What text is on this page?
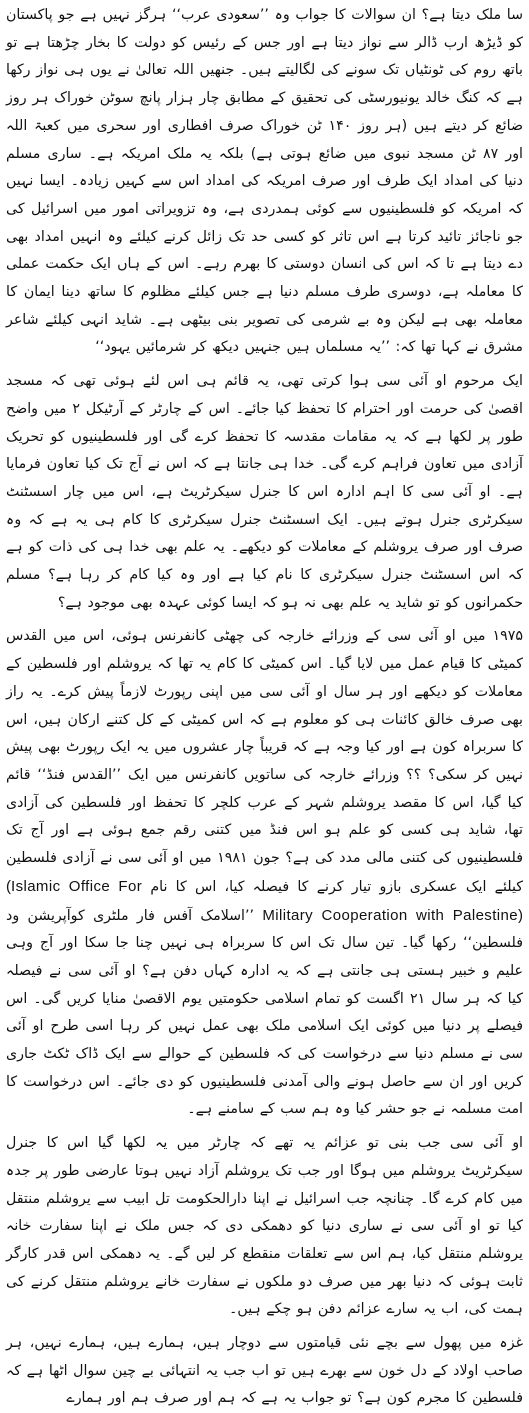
سا ملک دیتا ہے؟ ان سوالات کا جواب وہ ’’سعودی عرب‘‘ ہرگز نہیں ہے جو پاکستان کو ڈیڑھ ارب ڈالر سے نواز دیتا ہے اور جس کے رئیس کو دولت کا بخار چڑھتا ہے تو باتھ روم کی ٹونٹیاں تک سونے کی لگالیتے ہیں۔ جنھیں اللہ تعالیٰ نے یوں ہی نواز رکھا ہے کہ کنگ خالد یونیورسٹی کی تحقیق کے مطابق چار ہزار پانچ سوٹن خوراک ہر روز ضائع کر دیتے ہیں (ہر روز ۱۴۰ ٹن خوراک صرف افطاری اور سحری میں کعبۃ اللہ اور ۸۷ ٹن مسجد نبوی میں ضائع ہوتی ہے) بلکہ یہ ملک امریکہ ہے۔ ساری مسلم دنیا کی امداد ایک طرف اور صرف امریکہ کی امداد اس سے کہیں زیادہ۔ ایسا نہیں کہ امریکہ کو فلسطینیوں سے کوئی ہمدردی ہے، وہ تزویراتی امور میں اسرائیل کی جو ناجائز تائید کرتا ہے اس تاثر کو کسی حد تک زائل کرنے کیلئے وہ انہیں امداد بھی دے دیتا ہے تا کہ اس کی انسان دوستی کا بھرم رہے۔ اس کے ہاں ایک حکمت عملی کا معاملہ ہے، دوسری طرف مسلم دنیا ہے جس کیلئے مظلوم کا ساتھ دینا ایمان کا معاملہ بھی ہے لیکن وہ بے شرمی کی تصویر بنی بیٹھی ہے۔ شاید انہی کیلئے شاعر مشرق نے کہا تھا کہ: ’’یہ مسلماں ہیں جنہیں دیکھ کر شرمائیں یہود‘‘

ایک مرحوم او آئی سی ہوا کرتی تھی، یہ قائم ہی اس لئے ہوئی تھی کہ مسجد اقصیٰ کی حرمت اور احترام کا تحفظ کیا جائے۔ اس کے چارٹر کے آرٹیکل ۲ میں واضح طور پر لکھا ہے کہ یہ مقامات مقدسہ کا تحفظ کرے گی اور فلسطینیوں کو تحریک آزادی میں تعاون فراہم کرے گی۔ خدا ہی جانتا ہے کہ اس نے آج تک کیا تعاون فرمایا ہے۔ او آئی سی کا اہم ادارہ اس کا جنرل سیکرٹریٹ ہے، اس میں چار اسسٹنٹ سیکرٹری جنرل ہوتے ہیں۔ ایک اسسٹنٹ جنرل سیکرٹری کا کام ہی یہ ہے کہ وہ صرف اور صرف یروشلم کے معاملات کو دیکھے۔ یہ علم بھی خدا ہی کی ذات کو ہے کہ اس اسسٹنٹ جنرل سیکرٹری کا نام کیا ہے اور وہ کیا کام کر رہا ہے؟ مسلم حکمرانوں کو تو شاید یہ علم بھی نہ ہو کہ ایسا کوئی عہدہ بھی موجود ہے؟

۱۹۷۵ میں او آئی سی کے وزرائے خارجہ کی چھٹی کانفرنس ہوئی، اس میں القدس کمیٹی کا قیام عمل میں لایا گیا۔ اس کمیٹی کا کام یہ تھا کہ یروشلم اور فلسطین کے معاملات کو دیکھے اور ہر سال او آئی سی میں اپنی رپورٹ لازماً پیش کرے۔ یہ راز بھی صرف خالق کائنات ہی کو معلوم ہے کہ اس کمیٹی کے کل کتنے ارکان ہیں، اس کا سربراہ کون ہے اور کیا وجہ ہے کہ قریباً چار عشروں میں یہ ایک رپورٹ بھی پیش نہیں کر سکی؟ ؟؟ وزرائے خارجہ کی ساتویں کانفرنس میں ایک ’’القدس فنڈ‘‘ قائم کیا گیا، اس کا مقصد یروشلم شہر کے عرب کلچر کا تحفظ اور فلسطین کی آزادی تھا، شاید ہی کسی کو علم ہو اس فنڈ میں کتنی رقم جمع ہوئی ہے اور آج تک فلسطینیوں کی کتنی مالی مدد کی ہے؟ جون ۱۹۸۱ میں او آئی سی نے آزادی فلسطین کیلئے ایک عسکری بازو تیار کرنے کا فیصلہ کیا، اس کا نام (Islamic Office For Military Cooperation with Palestine) ’’اسلامک آفس فار ملٹری کوآپریشن ود فلسطین‘‘ رکھا گیا۔ تین سال تک اس کا سربراہ ہی نہیں چنا جا سکا اور آج وہی علیم و خبیر ہستی ہی جانتی ہے کہ یہ ادارہ کہاں دفن ہے؟ او آئی سی نے فیصلہ کیا کہ ہر سال ۲۱ اگست کو تمام اسلامی حکومتیں یوم الاقصیٰ منایا کریں گی۔ اس فیصلے پر دنیا میں کوئی ایک اسلامی ملک بھی عمل نہیں کر رہا اسی طرح او آئی سی نے مسلم دنیا سے درخواست کی کہ فلسطین کے حوالے سے ایک ڈاک ٹکٹ جاری کریں اور ان سے حاصل ہونے والی آمدنی فلسطینیوں کو دی جائے۔ اس درخواست کا امت مسلمہ نے جو حشر کیا وہ ہم سب کے سامنے ہے۔

او آئی سی جب بنی تو عزائم یہ تھے کہ چارٹر میں یہ لکھا گیا اس کا جنرل سیکرٹریٹ یروشلم میں ہوگا اور جب تک یروشلم آزاد نہیں ہوتا عارضی طور پر جدہ میں کام کرے گا۔ چنانچہ جب اسرائیل نے اپنا دارالحکومت تل ابیب سے یروشلم منتقل کیا تو او آئی سی نے ساری دنیا کو دھمکی دی کہ جس ملک نے اپنا سفارت خانہ یروشلم منتقل کیا، ہم اس سے تعلقات منقطع کر لیں گے۔ یہ دھمکی اس قدر کارگر ثابت ہوئی کہ دنیا بھر میں صرف دو ملکوں نے سفارت خانے یروشلم منتقل کرنے کی ہمت کی، اب یہ سارے عزائم دفن ہو چکے ہیں۔

غزہ میں پھول سے بچے نئی قیامتوں سے دوچار ہیں، ہمارے ہیں، ہمارے نہیں، ہر صاحب اولاد کے دل خون سے بھرے ہیں تو اب جب یہ انتہائی بے چین سوال اٹھا ہے کہ فلسطین کا مجرم کون ہے؟ تو جواب یہ ہے کہ ہم اور صرف ہم اور ہمارے
